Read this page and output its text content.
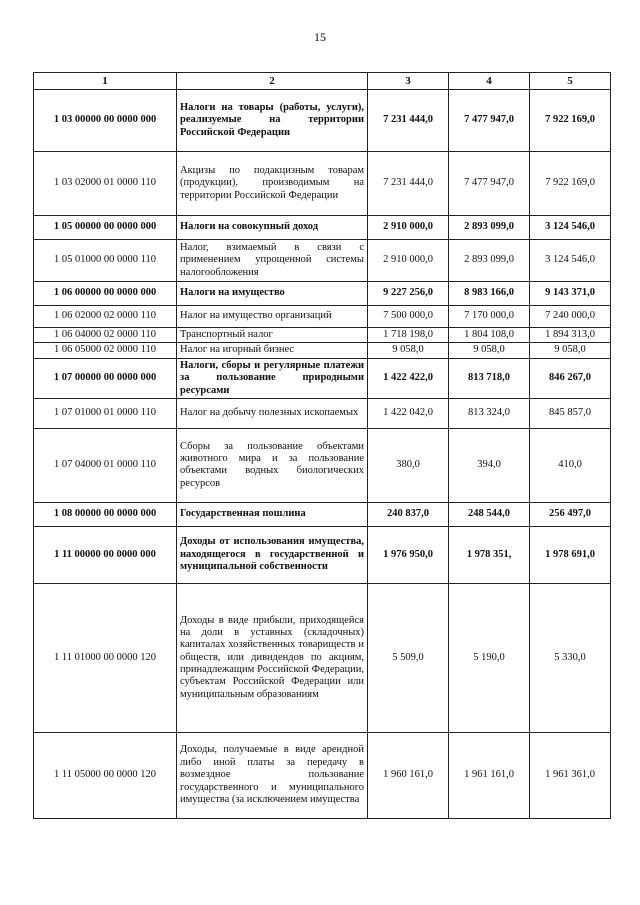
15
1	2	3	4	5
1 03 00000 00 0000 000	Налоги на товары (работы, услуги), реализуемые на территории Российской Федерации	7 231 444,0	7 477 947,0	7 922 169,0
1 03 02000 01 0000 110	Акцизы по подакцизным товарам (продукции), производимым на территории Российской Федерации	7 231 444,0	7 477 947,0	7 922 169,0
1 05 00000 00 0000 000	Налоги на совокупный доход	2 910 000,0	2 893 099,0	3 124 546,0
1 05 01000 00 0000 110	Налог, взимаемый в связи с применением упрощенной системы налогообложения	2 910 000,0	2 893 099,0	3 124 546,0
1 06 00000 00 0000 000	Налоги на имущество	9 227 256,0	8 983 166,0	9 143 371,0
1 06 02000 02 0000 110	Налог на имущество организаций	7 500 000,0	7 170 000,0	7 240 000,0
1 06 04000 02 0000 110	Транспортный налог	1 718 198,0	1 804 108,0	1 894 313,0
1 06 05000 02 0000 110	Налог на игорный бизнес	9 058,0	9 058,0	9 058,0
1 07 00000 00 0000 000	Налоги, сборы и регулярные платежи за пользование природными ресурсами	1 422 422,0	813 718,0	846 267,0
1 07 01000 01 0000 110	Налог на добычу полезных ископаемых	1 422 042,0	813 324,0	845 857,0
1 07 04000 01 0000 110	Сборы за пользование объектами животного мира и за пользование объектами водных биологических ресурсов	380,0	394,0	410,0
1 08 00000 00 0000 000	Государственная пошлина	240 837,0	248 544,0	256 497,0
1 11 00000 00 0000 000	Доходы от использования имущества, находящегося в государственной и муниципальной собственности	1 976 950,0	1 978 351,	1 978 691,0
1 11 01000 00 0000 120	Доходы в виде прибыли, приходящейся на доли в уставных (складочных) капиталах хозяйственных товариществ и обществ, или дивидендов по акциям, принадлежащим Российской Федерации, субъектам Российской Федерации или муниципальным образованиям	5 509,0	5 190,0	5 330,0
1 11 05000 00 0000 120	Доходы, получаемые в виде арендной либо иной платы за передачу в возмездное пользование государственного и муниципального имущества (за исключением имущества	1 960 161,0	1 961 161,0	1 961 361,0
